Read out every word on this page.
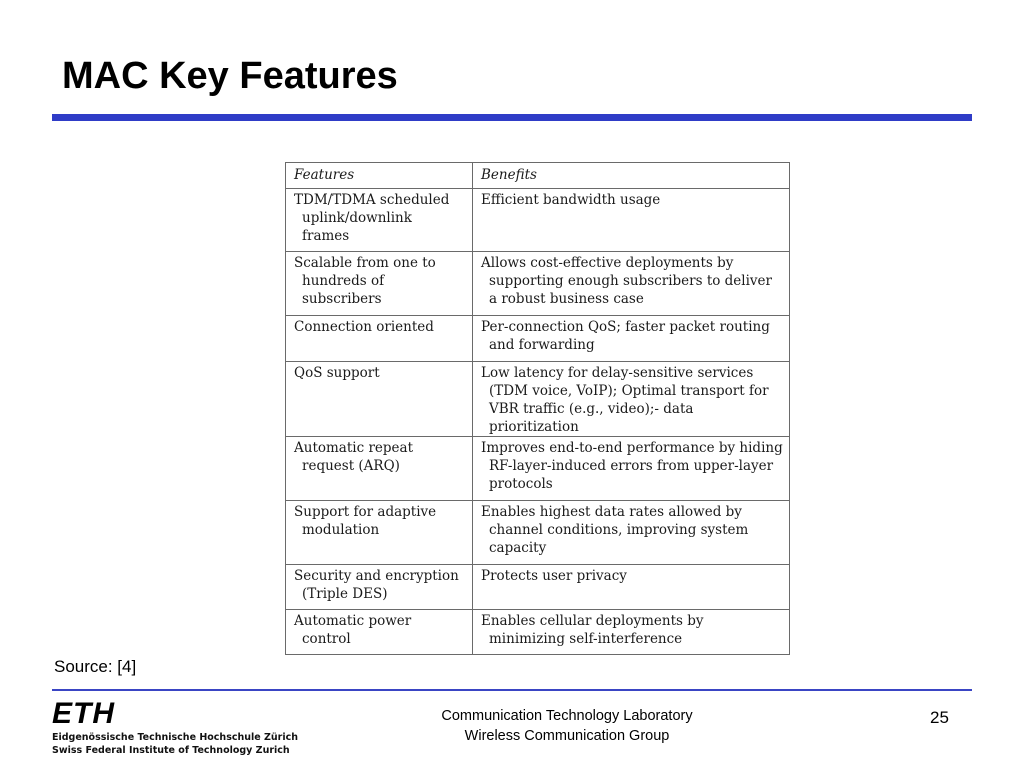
MAC Key Features
Features	Benefits

TDM/TDMA scheduled uplink/downlink frames	Efficient bandwidth usage

Scalable from one to hundreds of subscribers	Allows cost-effective deployments by supporting enough subscribers to deliver a robust business case

Connection oriented	Per-connection QoS; faster packet routing and forwarding

QoS support	Low latency for delay-sensitive services (TDM voice, VoIP); Optimal transport for VBR traffic (e.g., video);- data prioritization

Automatic repeat request (ARQ)	Improves end-to-end performance by hiding RF-layer-induced errors from upper-layer protocols

Support for adaptive modulation	Enables highest data rates allowed by channel conditions, improving system capacity

Security and encryption (Triple DES)	Protects user privacy

Automatic power control	Enables cellular deployments by minimizing self-interference
Source: [4]
ETH
Eidgenössische Technische Hochschule Zürich
Swiss Federal Institute of Technology Zurich
Communication Technology Laboratory
Wireless Communication Group
25
